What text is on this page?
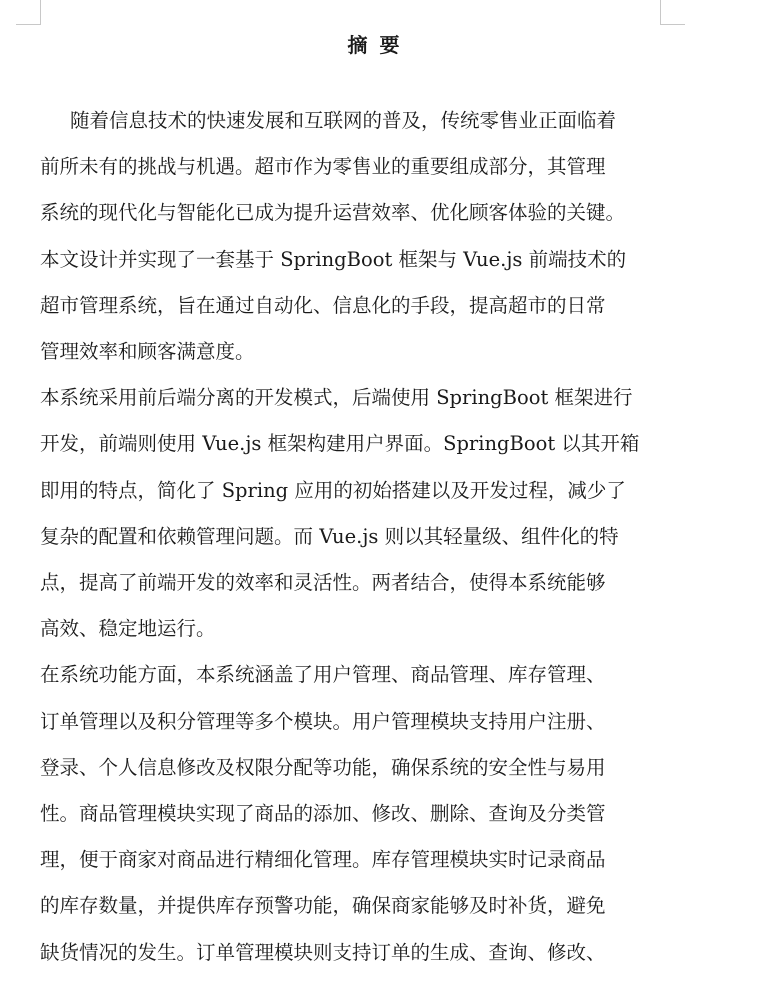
摘要
随着信息技术的快速发展和互联网的普及，传统零售业正面临着
前所未有的挑战与机遇。超市作为零售业的重要组成部分，其管理
系统的现代化与智能化已成为提升运营效率、优化顾客体验的关键。
本文设计并实现了一套基于 SpringBoot 框架与 Vue.js 前端技术的
超市管理系统，旨在通过自动化、信息化的手段，提高超市的日常
管理效率和顾客满意度。
本系统采用前后端分离的开发模式，后端使用 SpringBoot 框架进行
开发，前端则使用 Vue.js 框架构建用户界面。SpringBoot 以其开箱
即用的特点，简化了 Spring 应用的初始搭建以及开发过程，减少了
复杂的配置和依赖管理问题。而 Vue.js 则以其轻量级、组件化的特
点，提高了前端开发的效率和灵活性。两者结合，使得本系统能够
高效、稳定地运行。
在系统功能方面，本系统涵盖了用户管理、商品管理、库存管理、
订单管理以及积分管理等多个模块。用户管理模块支持用户注册、
登录、个人信息修改及权限分配等功能，确保系统的安全性与易用
性。商品管理模块实现了商品的添加、修改、删除、查询及分类管
理，便于商家对商品进行精细化管理。库存管理模块实时记录商品
的库存数量，并提供库存预警功能，确保商家能够及时补货，避免
缺货情况的发生。订单管理模块则支持订单的生成、查询、修改、
